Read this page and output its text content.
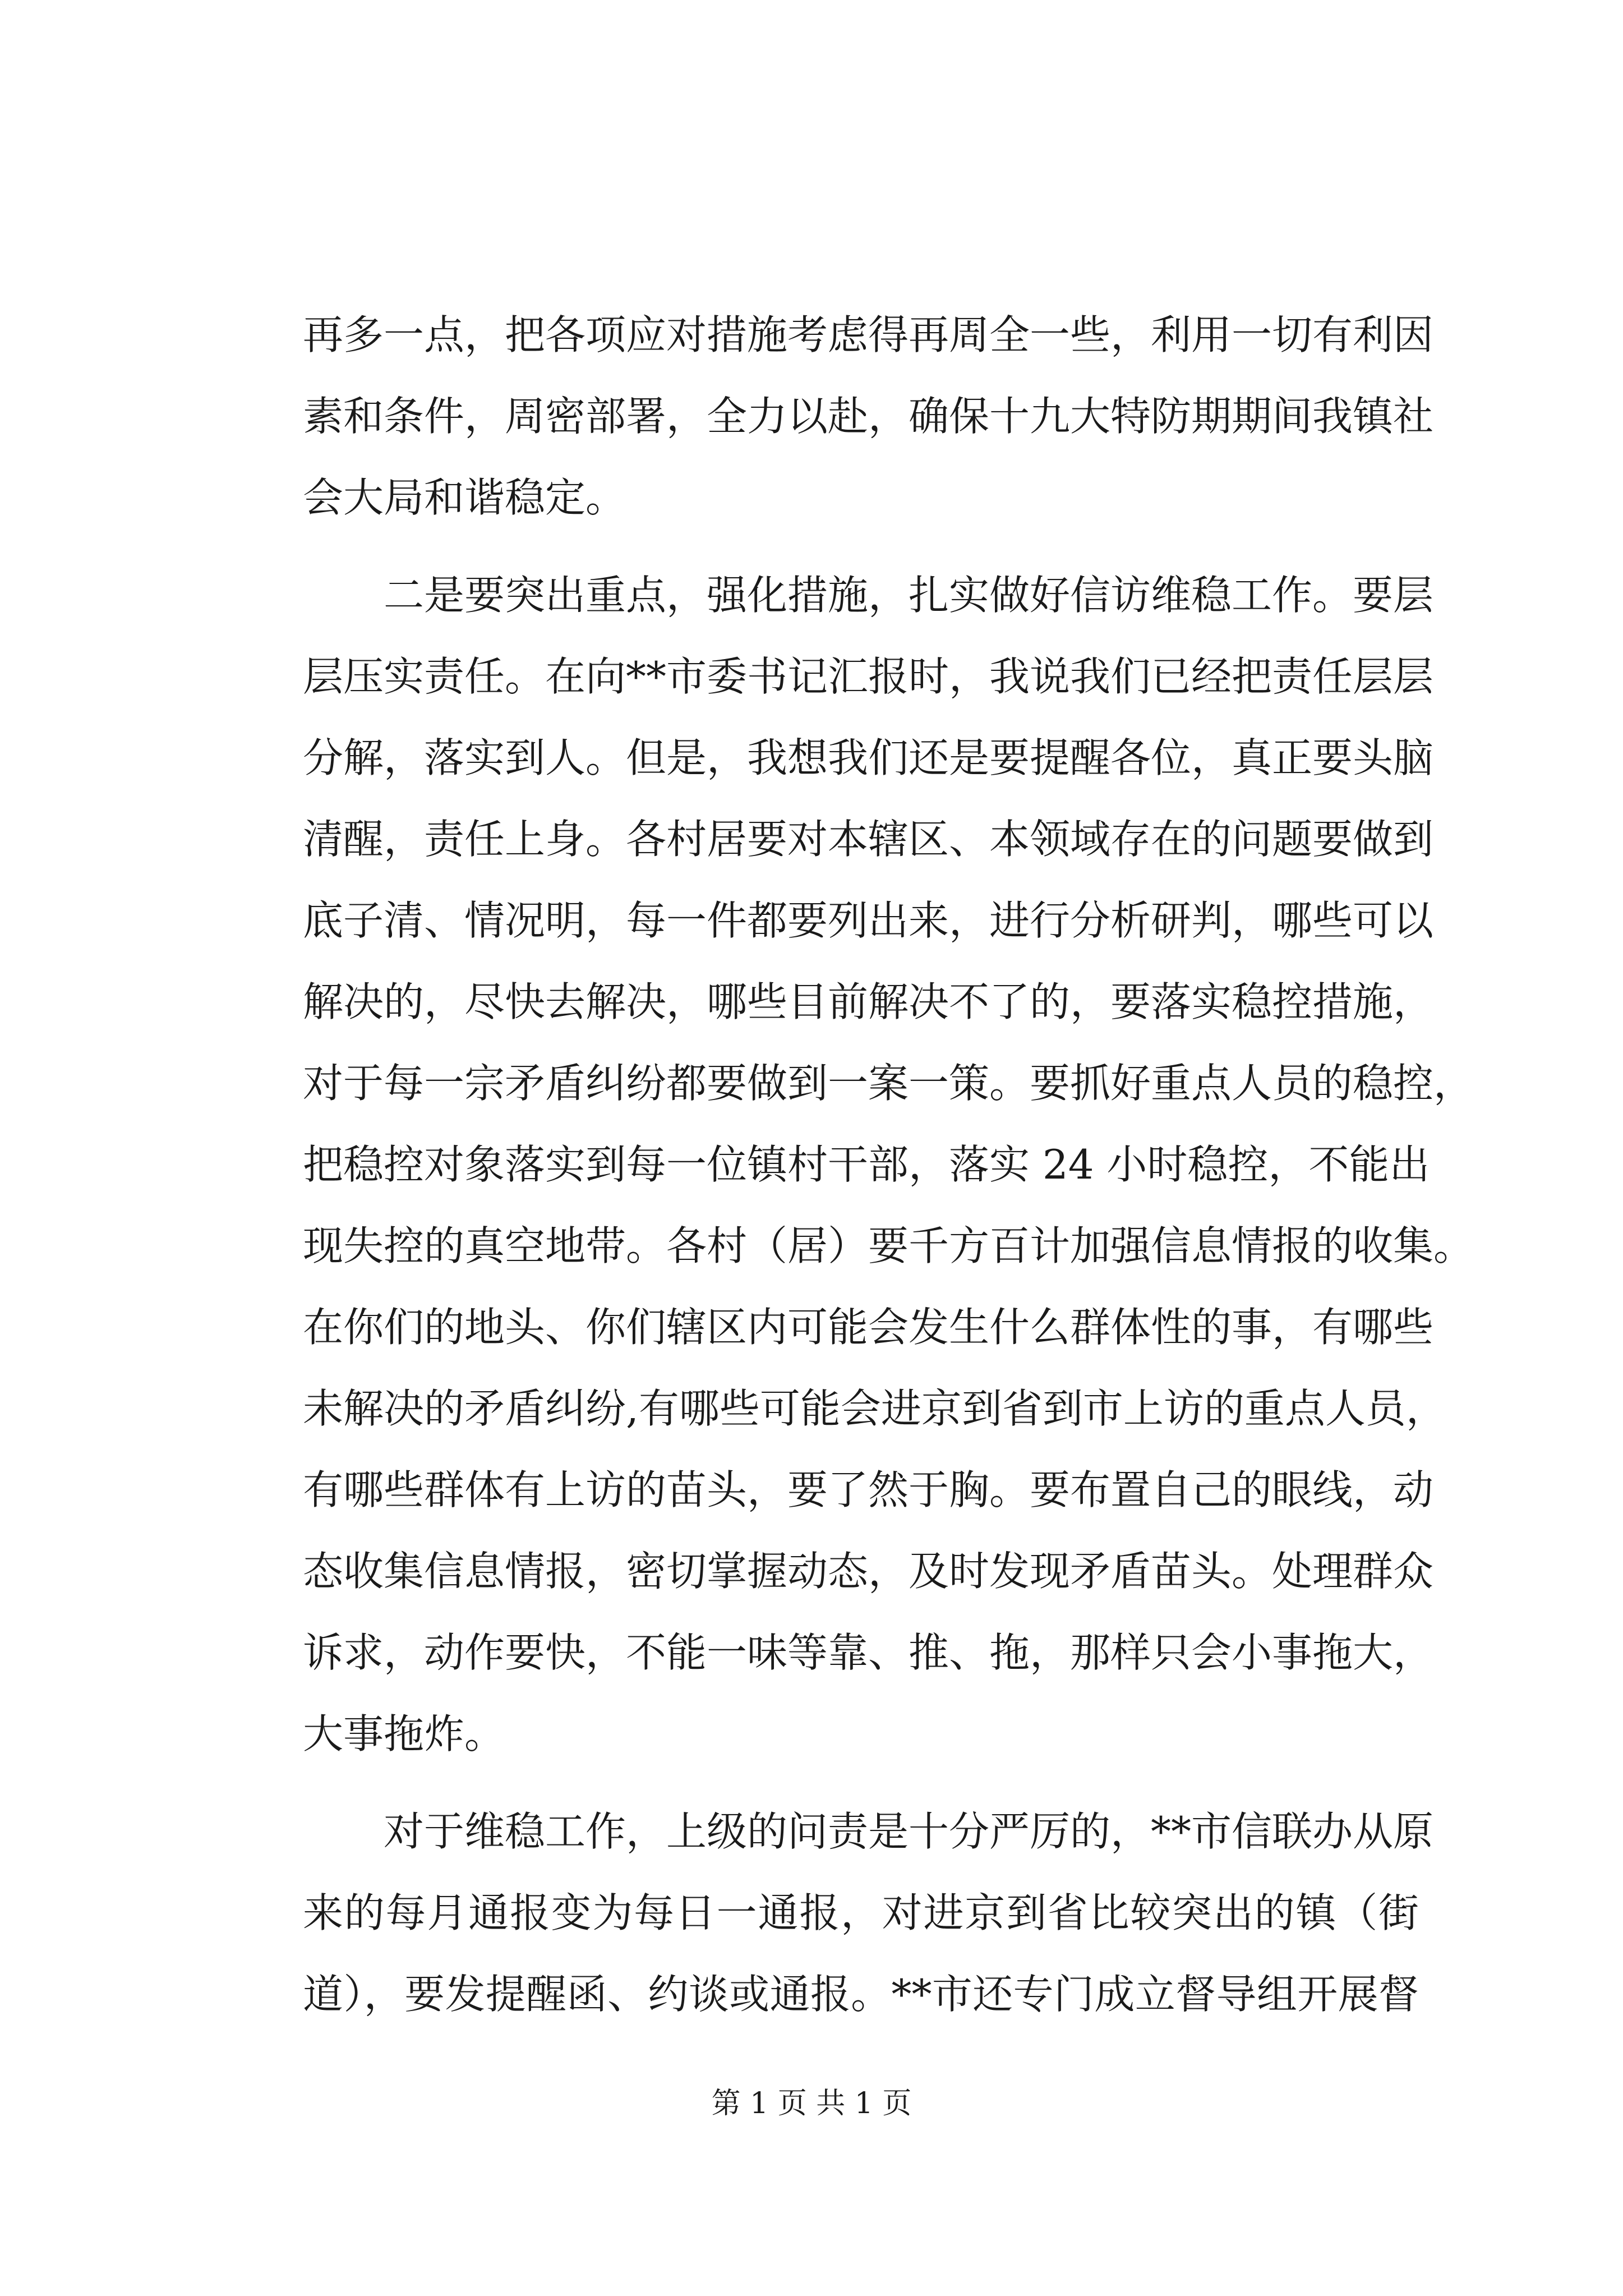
再多一点，把各项应对措施考虑得再周全一些，利用一切有利因
素和条件，周密部署，全力以赴，确保十九大特防期期间我镇社
会大局和谐稳定。
二是要突出重点，强化措施，扎实做好信访维稳工作。要层
层压实责任。在向**市委书记汇报时，我说我们已经把责任层层
分解，落实到人。但是，我想我们还是要提醒各位，真正要头脑
清醒，责任上身。各村居要对本辖区、本领域存在的问题要做到
底子清、情况明，每一件都要列出来，进行分析研判，哪些可以
解决的，尽快去解决，哪些目前解决不了的，要落实稳控措施，
对于每一宗矛盾纠纷都要做到一案一策。要抓好重点人员的稳控，
把稳控对象落实到每一位镇村干部，落实 24 小时稳控，不能出
现失控的真空地带。各村（居）要千方百计加强信息情报的收集。
在你们的地头、你们辖区内可能会发生什么群体性的事，有哪些
未解决的矛盾纠纷,有哪些可能会进京到省到市上访的重点人员，
有哪些群体有上访的苗头，要了然于胸。要布置自己的眼线，动
态收集信息情报，密切掌握动态，及时发现矛盾苗头。处理群众
诉求，动作要快，不能一味等靠、推、拖，那样只会小事拖大，
大事拖炸。
对于维稳工作，上级的问责是十分严厉的，**市信联办从原
来的每月通报变为每日一通报，对进京到省比较突出的镇（街
道），要发提醒函、约谈或通报。**市还专门成立督导组开展督
第 1 页 共 1 页
